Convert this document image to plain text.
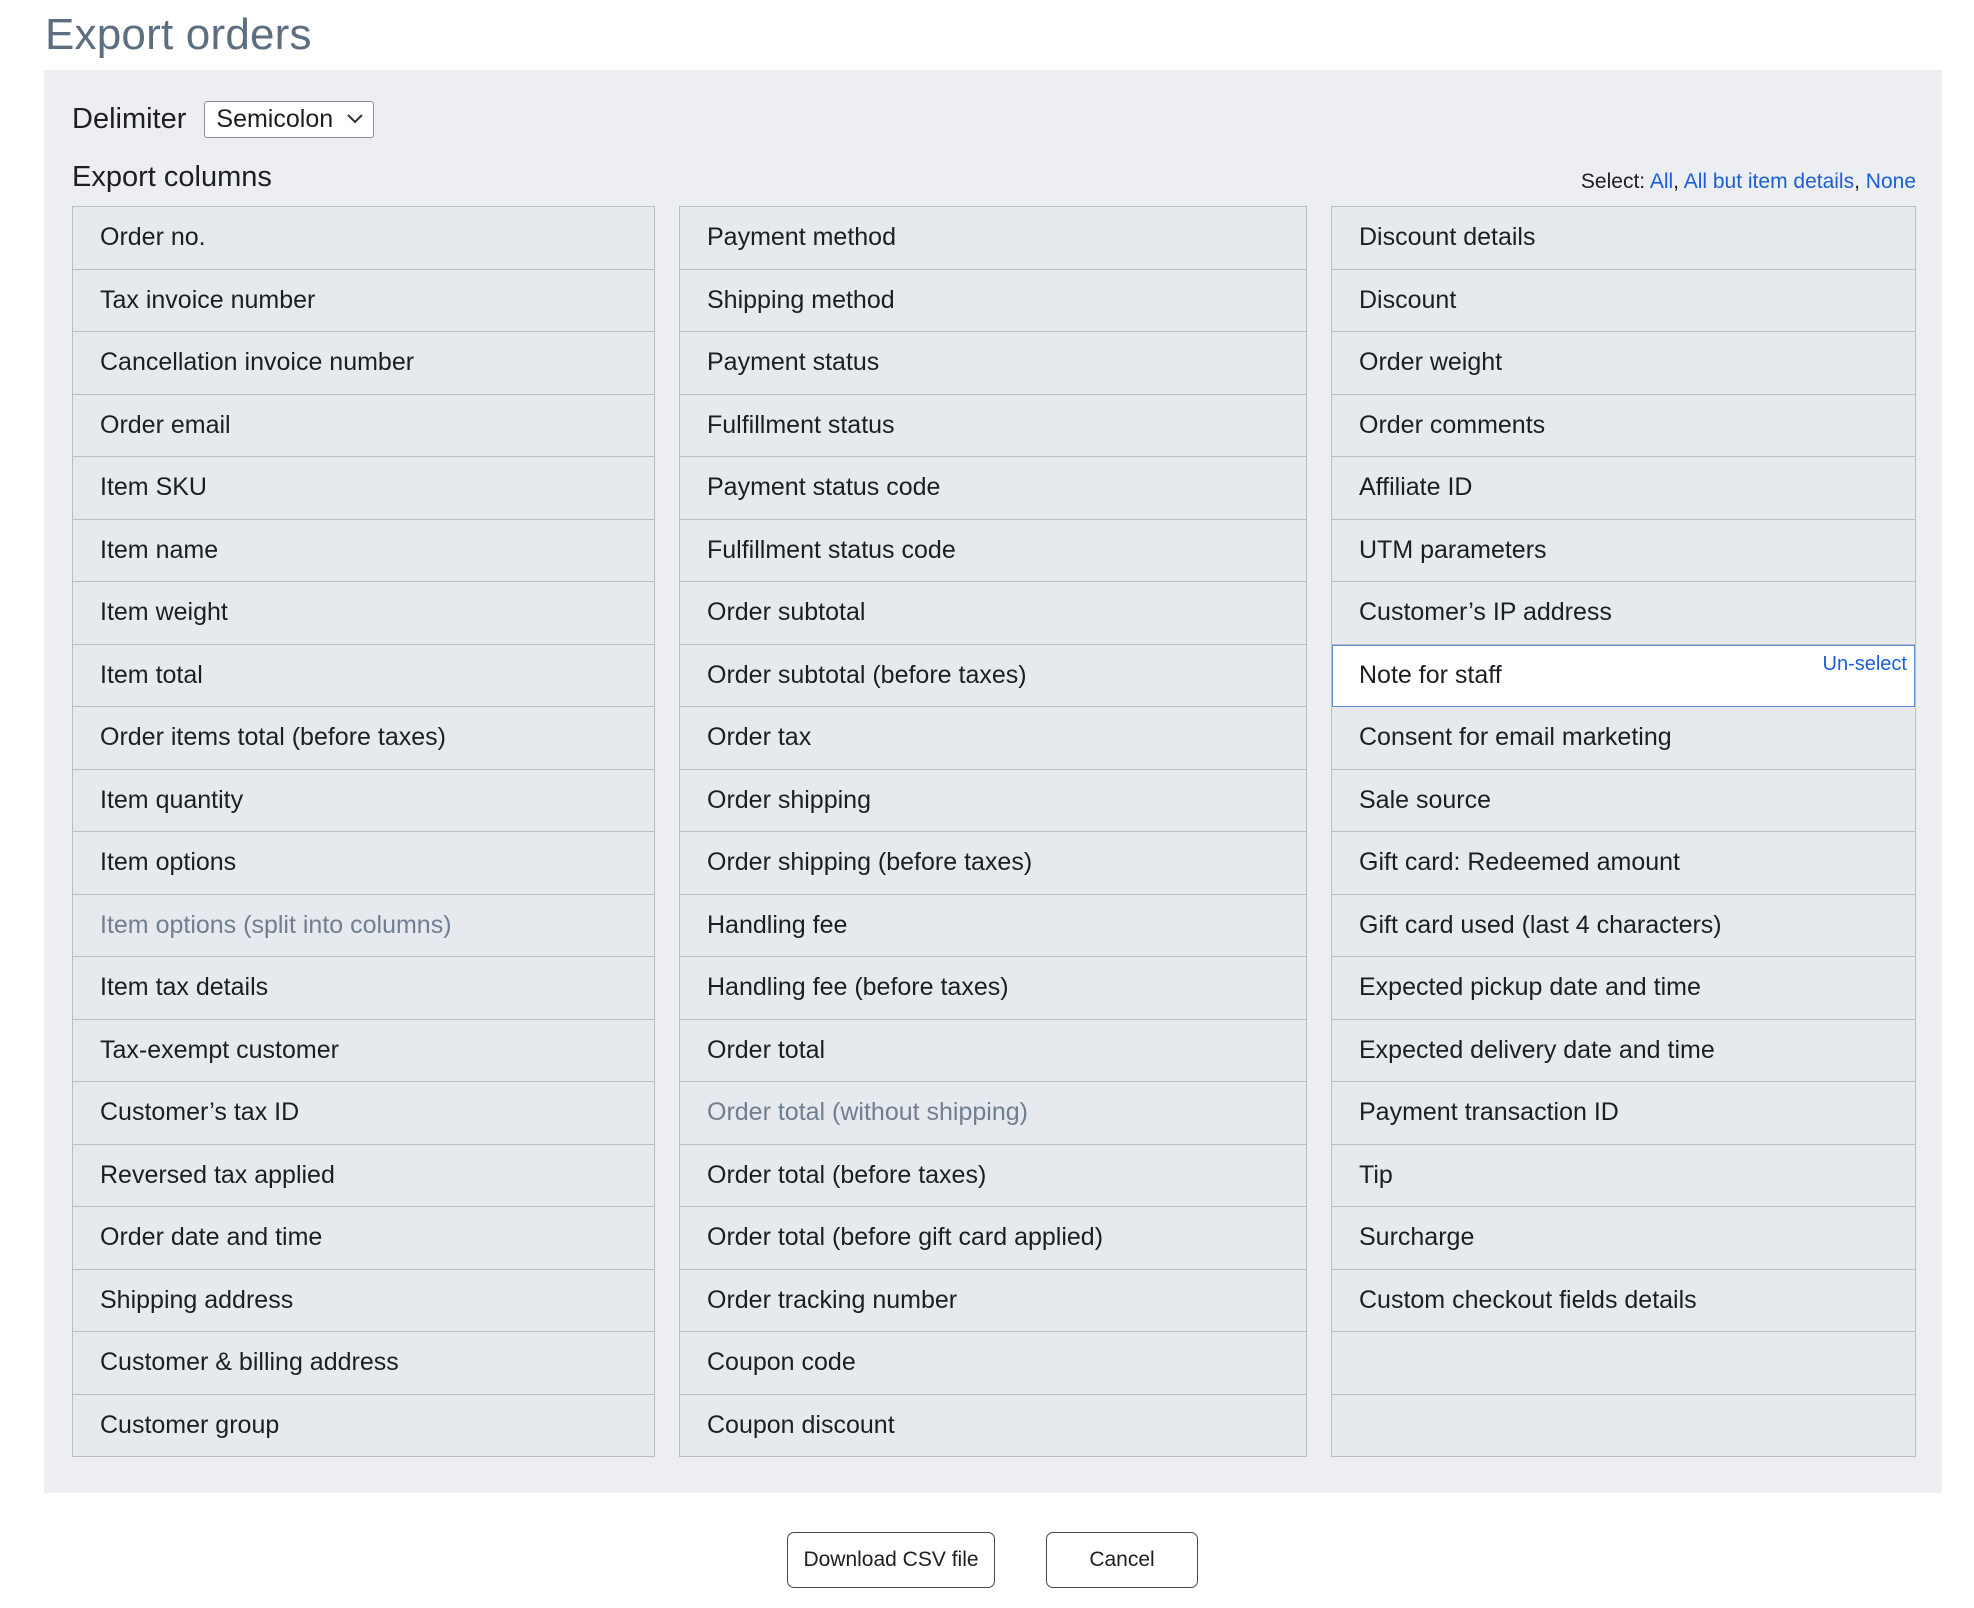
Export orders
Delimiter Semicolon
Export columns	Select: All, All but item details, None
Order no.
Tax invoice number
Cancellation invoice number
Order email
Item SKU
Item name
Item weight
Item total
Order items total (before taxes)
Item quantity
Item options
Item options (split into columns)
Item tax details
Tax-exempt customer
Customer’s tax ID
Reversed tax applied
Order date and time
Shipping address
Customer & billing address
Customer group
Payment method
Shipping method
Payment status
Fulfillment status
Payment status code
Fulfillment status code
Order subtotal
Order subtotal (before taxes)
Order tax
Order shipping
Order shipping (before taxes)
Handling fee
Handling fee (before taxes)
Order total
Order total (without shipping)
Order total (before taxes)
Order total (before gift card applied)
Order tracking number
Coupon code
Coupon discount
Discount details
Discount
Order weight
Order comments
Affiliate ID
UTM parameters
Customer’s IP address
Note for staff	Un-select
Consent for email marketing
Sale source
Gift card: Redeemed amount
Gift card used (last 4 characters)
Expected pickup date and time
Expected delivery date and time
Payment transaction ID
Tip
Surcharge
Custom checkout fields details
Download CSV file	Cancel
